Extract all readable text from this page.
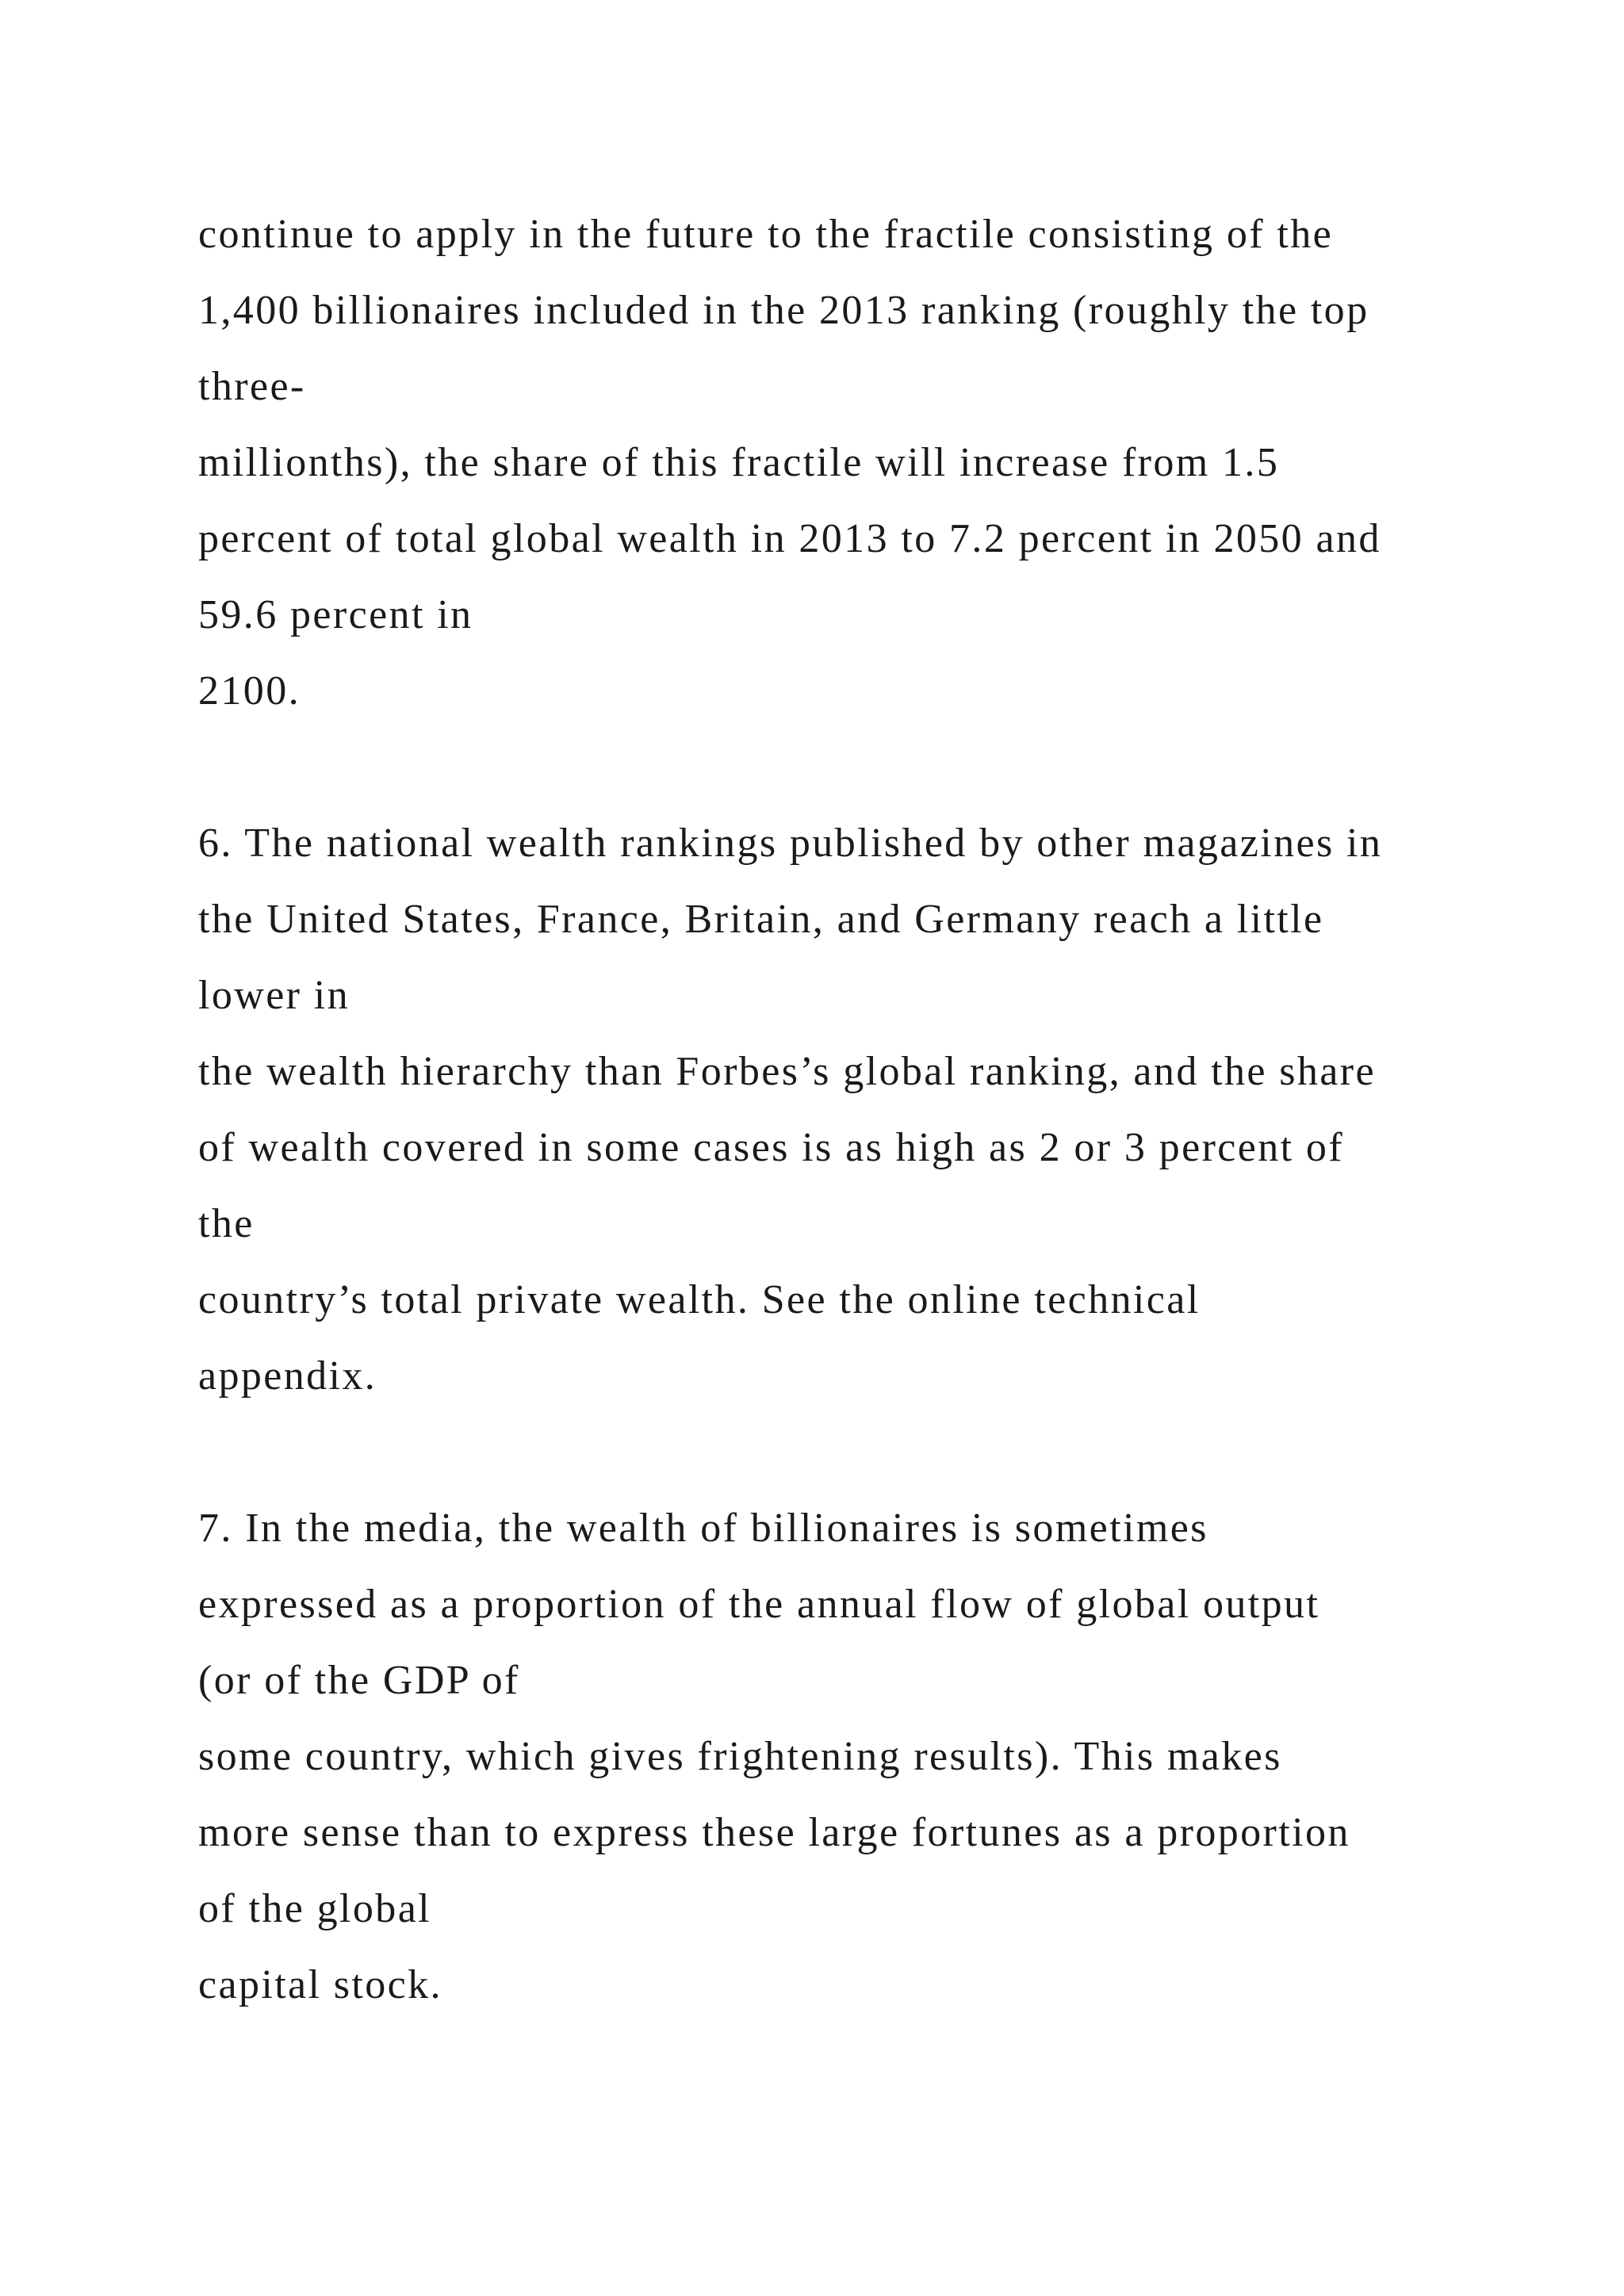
continue to apply in the future to the fractile consisting of the
1,400 billionaires included in the 2013 ranking (roughly the top
three-
millionths), the share of this fractile will increase from 1.5
percent of total global wealth in 2013 to 7.2 percent in 2050 and
59.6 percent in
2100.
6. The national wealth rankings published by other magazines in
the United States, France, Britain, and Germany reach a little
lower in
the wealth hierarchy than Forbes’s global ranking, and the share
of wealth covered in some cases is as high as 2 or 3 percent of
the
country’s total private wealth. See the online technical
appendix.
7. In the media, the wealth of billionaires is sometimes
expressed as a proportion of the annual flow of global output
(or of the GDP of
some country, which gives frightening results). This makes
more sense than to express these large fortunes as a proportion
of the global
capital stock.
